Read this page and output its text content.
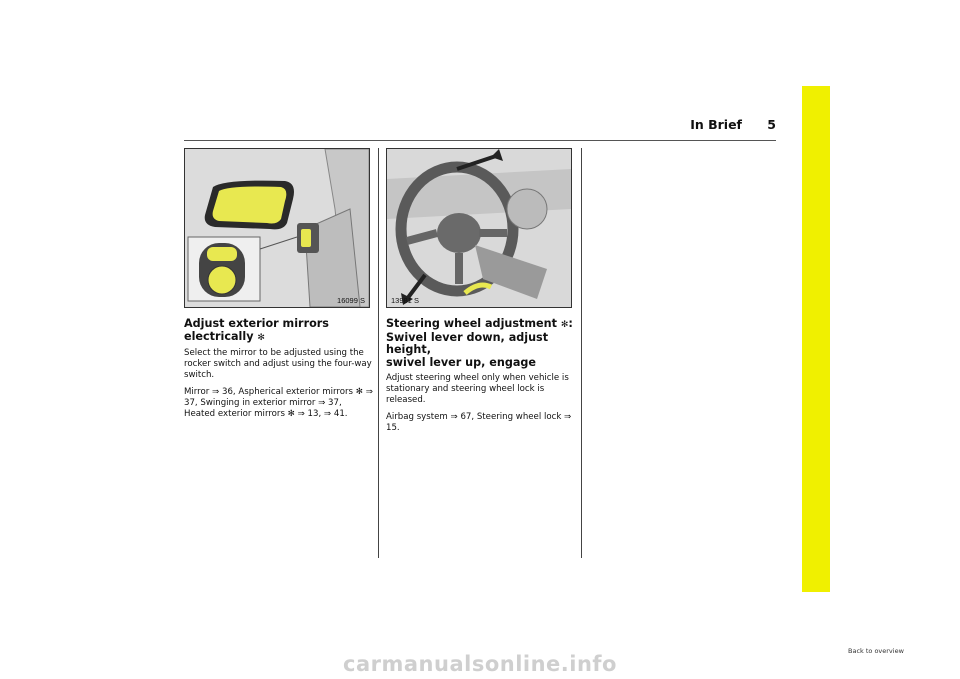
In Brief 5
16099 S	13981 S
Adjust exterior mirrors
electrically ✻

Select the mirror to be adjusted using the rocker switch and adjust using the four-way switch.

Mirror ⇒ 36, Aspherical exterior mirrors ✻ ⇒ 37, Swinging in exterior mirror ⇒ 37, Heated exterior mirrors ✻ ⇒ 13, ⇒ 41.

Steering wheel adjustment ✻:
Swivel lever down, adjust height,
swivel lever up, engage

Adjust steering wheel only when vehicle is stationary and steering wheel lock is released.

Airbag system ⇒ 67, Steering wheel lock ⇒ 15.

Back to overview
carmanualsonline.info
